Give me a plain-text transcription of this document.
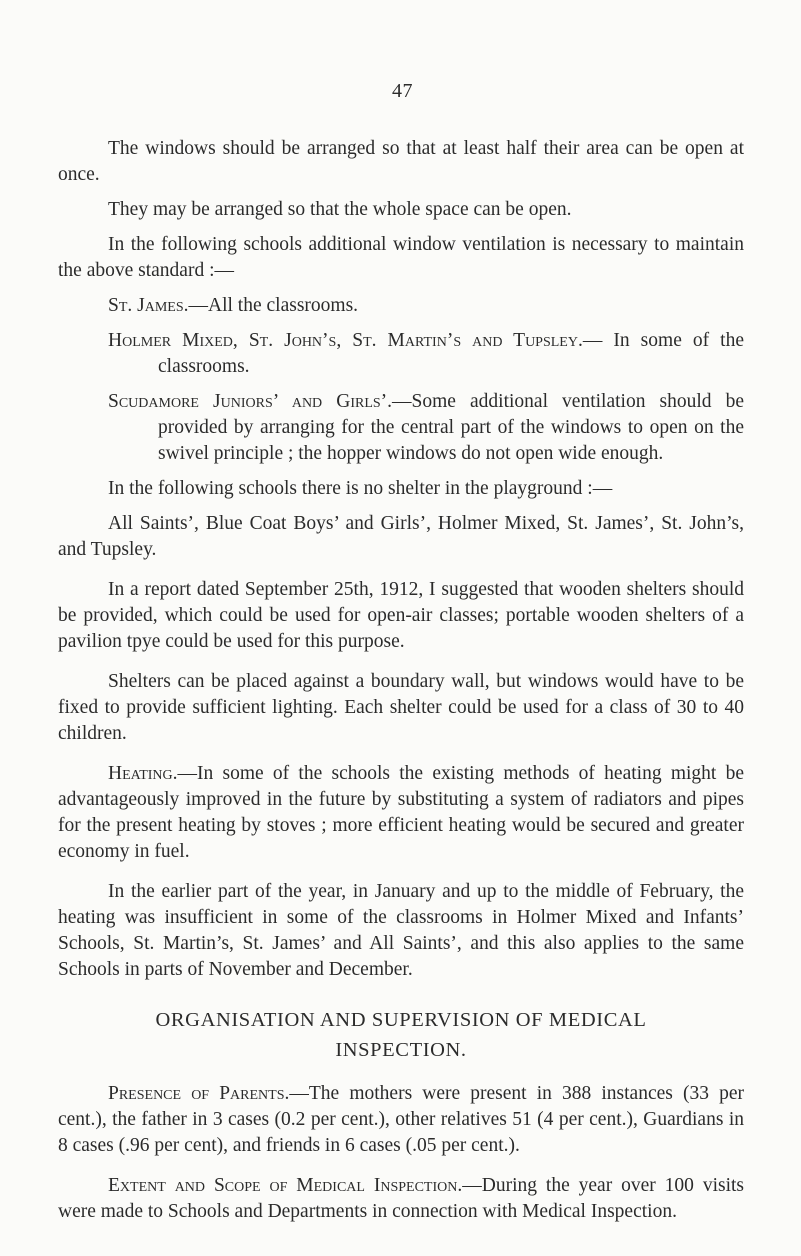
47

The windows should be arranged so that at least half their area can be open at once.

They may be arranged so that the whole space can be open.

In the following schools additional window ventilation is necessary to maintain the above standard :—

St. James.—All the classrooms.

Holmer Mixed, St. John’s, St. Martin’s and Tupsley.— In some of the classrooms.

Scudamore Juniors’ and Girls’.—Some additional ventilation should be provided by arranging for the central part of the windows to open on the swivel principle ; the hopper windows do not open wide enough.

In the following schools there is no shelter in the playground :—

All Saints’, Blue Coat Boys’ and Girls’, Holmer Mixed, St. James’, St. John’s, and Tupsley.

In a report dated September 25th, 1912, I suggested that wooden shelters should be provided, which could be used for open-air classes; portable wooden shelters of a pavilion tpye could be used for this purpose.

Shelters can be placed against a boundary wall, but windows would have to be fixed to provide sufficient lighting. Each shelter could be used for a class of 30 to 40 children.

Heating.—In some of the schools the existing methods of heating might be advantageously improved in the future by substituting a system of radiators and pipes for the present heating by stoves ; more efficient heating would be secured and greater economy in fuel.

In the earlier part of the year, in January and up to the middle of February, the heating was insufficient in some of the classrooms in Holmer Mixed and Infants’ Schools, St. Martin’s, St. James’ and All Saints’, and this also applies to the same Schools in parts of November and December.

ORGANISATION AND SUPERVISION OF MEDICAL
INSPECTION.

Presence of Parents.—The mothers were present in 388 instances (33 per cent.), the father in 3 cases (0.2 per cent.), other relatives 51 (4 per cent.), Guardians in 8 cases (.96 per cent), and friends in 6 cases (.05 per cent.).

Extent and Scope of Medical Inspection.—During the year over 100 visits were made to Schools and Departments in connection with Medical Inspection.
